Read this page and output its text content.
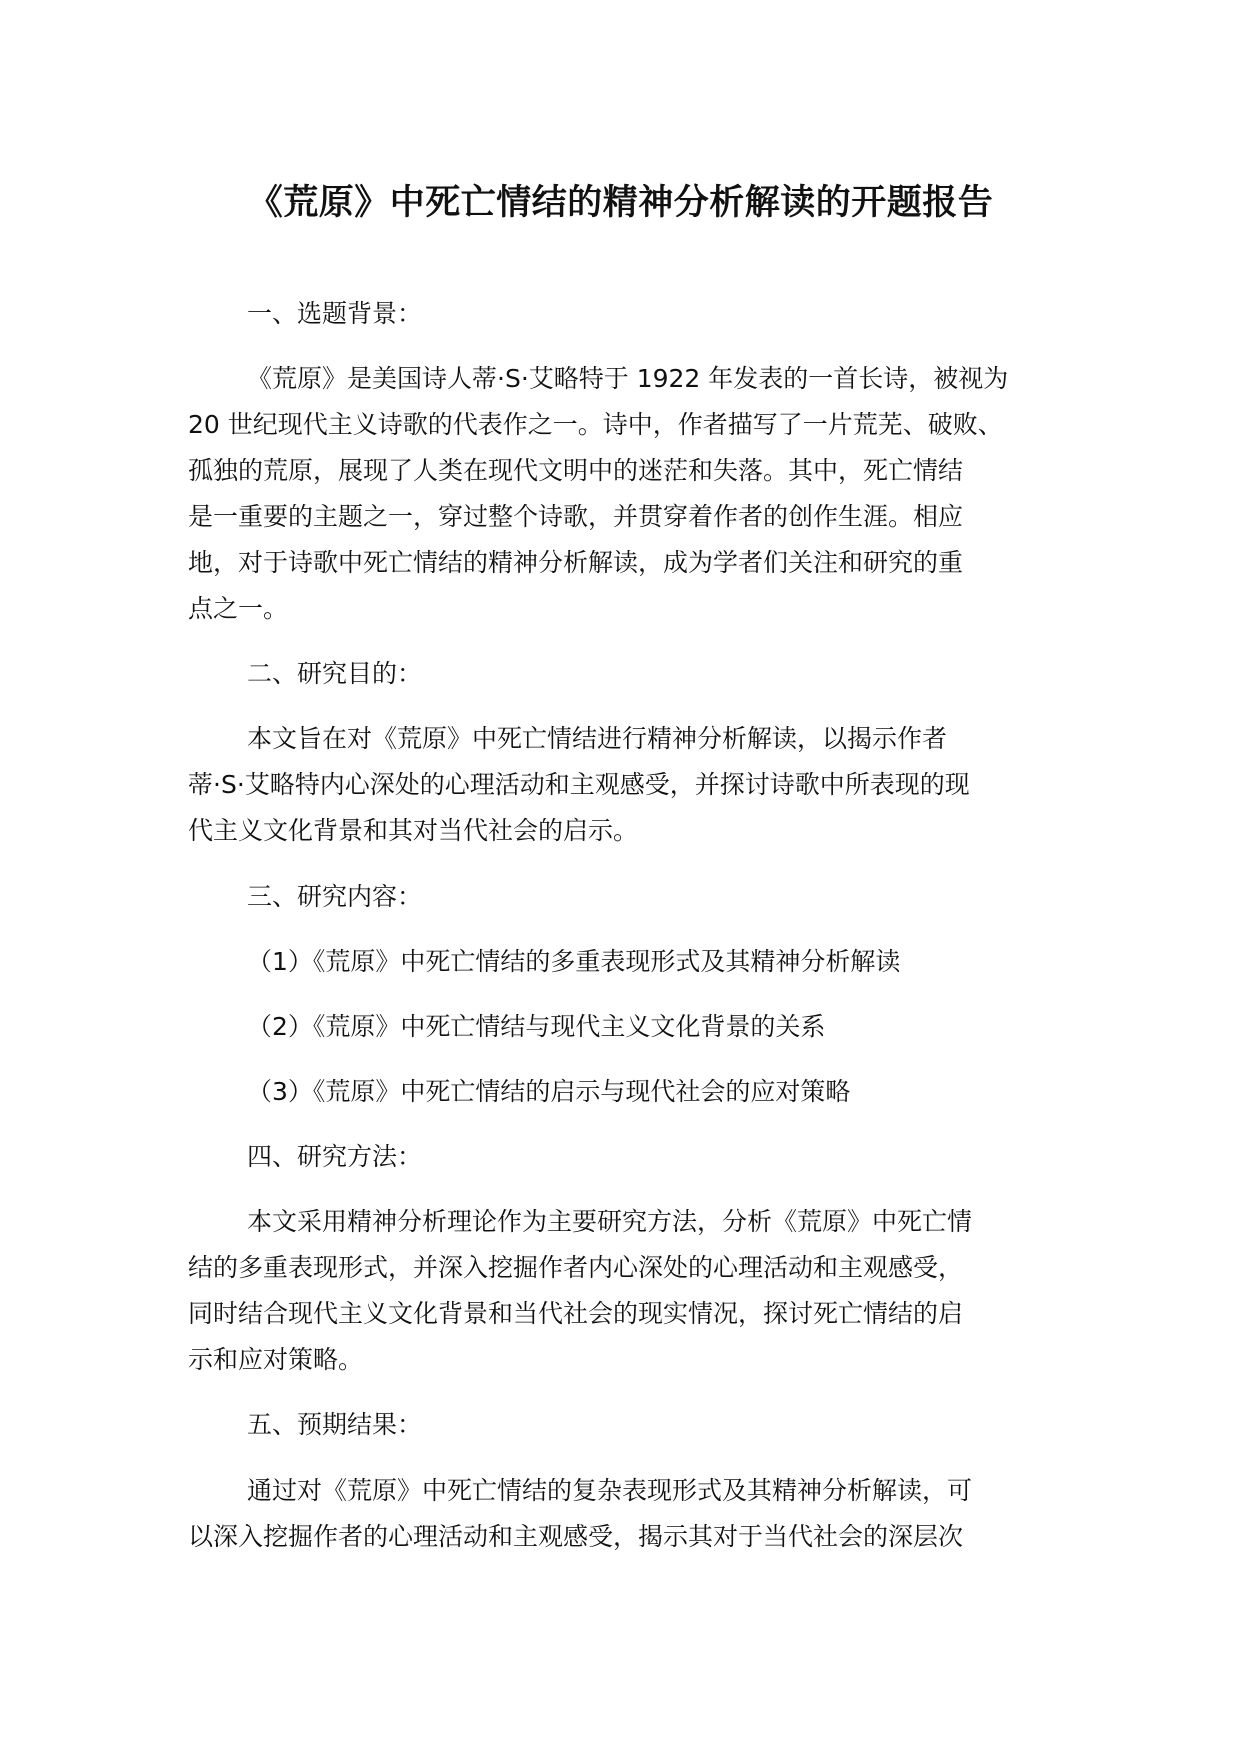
《荒原》中死亡情结的精神分析解读的开题报告
一、选题背景：
《荒原》是美国诗人蒂·S·艾略特于 1922 年发表的一首长诗，被视为
20 世纪现代主义诗歌的代表作之一。诗中，作者描写了一片荒芜、破败、
孤独的荒原，展现了人类在现代文明中的迷茫和失落。其中，死亡情结
是一重要的主题之一，穿过整个诗歌，并贯穿着作者的创作生涯。相应
地，对于诗歌中死亡情结的精神分析解读，成为学者们关注和研究的重
点之一。
二、研究目的：
本文旨在对《荒原》中死亡情结进行精神分析解读，以揭示作者
蒂·S·艾略特内心深处的心理活动和主观感受，并探讨诗歌中所表现的现
代主义文化背景和其对当代社会的启示。
三、研究内容：
（1）《荒原》中死亡情结的多重表现形式及其精神分析解读
（2）《荒原》中死亡情结与现代主义文化背景的关系
（3）《荒原》中死亡情结的启示与现代社会的应对策略
四、研究方法：
本文采用精神分析理论作为主要研究方法，分析《荒原》中死亡情
结的多重表现形式，并深入挖掘作者内心深处的心理活动和主观感受，
同时结合现代主义文化背景和当代社会的现实情况，探讨死亡情结的启
示和应对策略。
五、预期结果：
通过对《荒原》中死亡情结的复杂表现形式及其精神分析解读，可
以深入挖掘作者的心理活动和主观感受，揭示其对于当代社会的深层次
